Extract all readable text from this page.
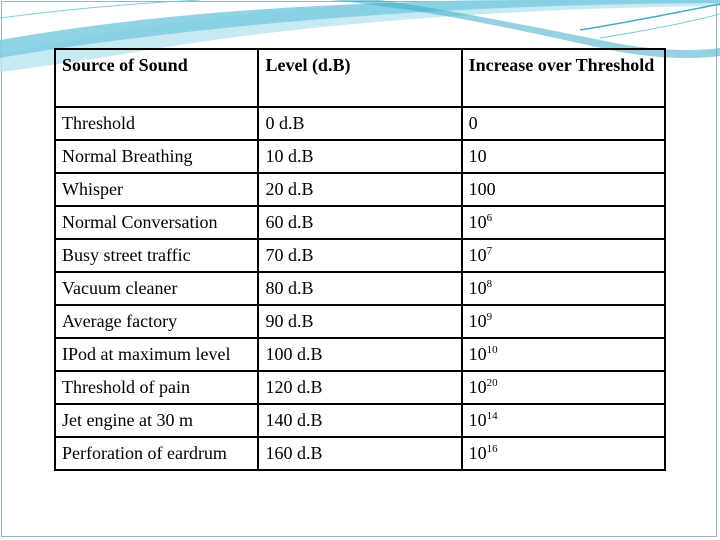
Source of Sound	Level (d.B)	Increase over Threshold
Threshold	0 d.B	0
Normal Breathing	10 d.B	10
Whisper	20 d.B	100
Normal Conversation	60 d.B	$10^6$
Busy street traffic	70 d.B	$10^7$
Vacuum cleaner	80 d.B	$10^8$
Average factory	90 d.B	$10^9$
IPod at maximum level	100 d.B	$10^{10}$
Threshold of pain	120 d.B	$10^{20}$
Jet engine at 30 m	140 d.B	$10^{14}$
Perforation of eardrum	160 d.B	$10^{16}$
